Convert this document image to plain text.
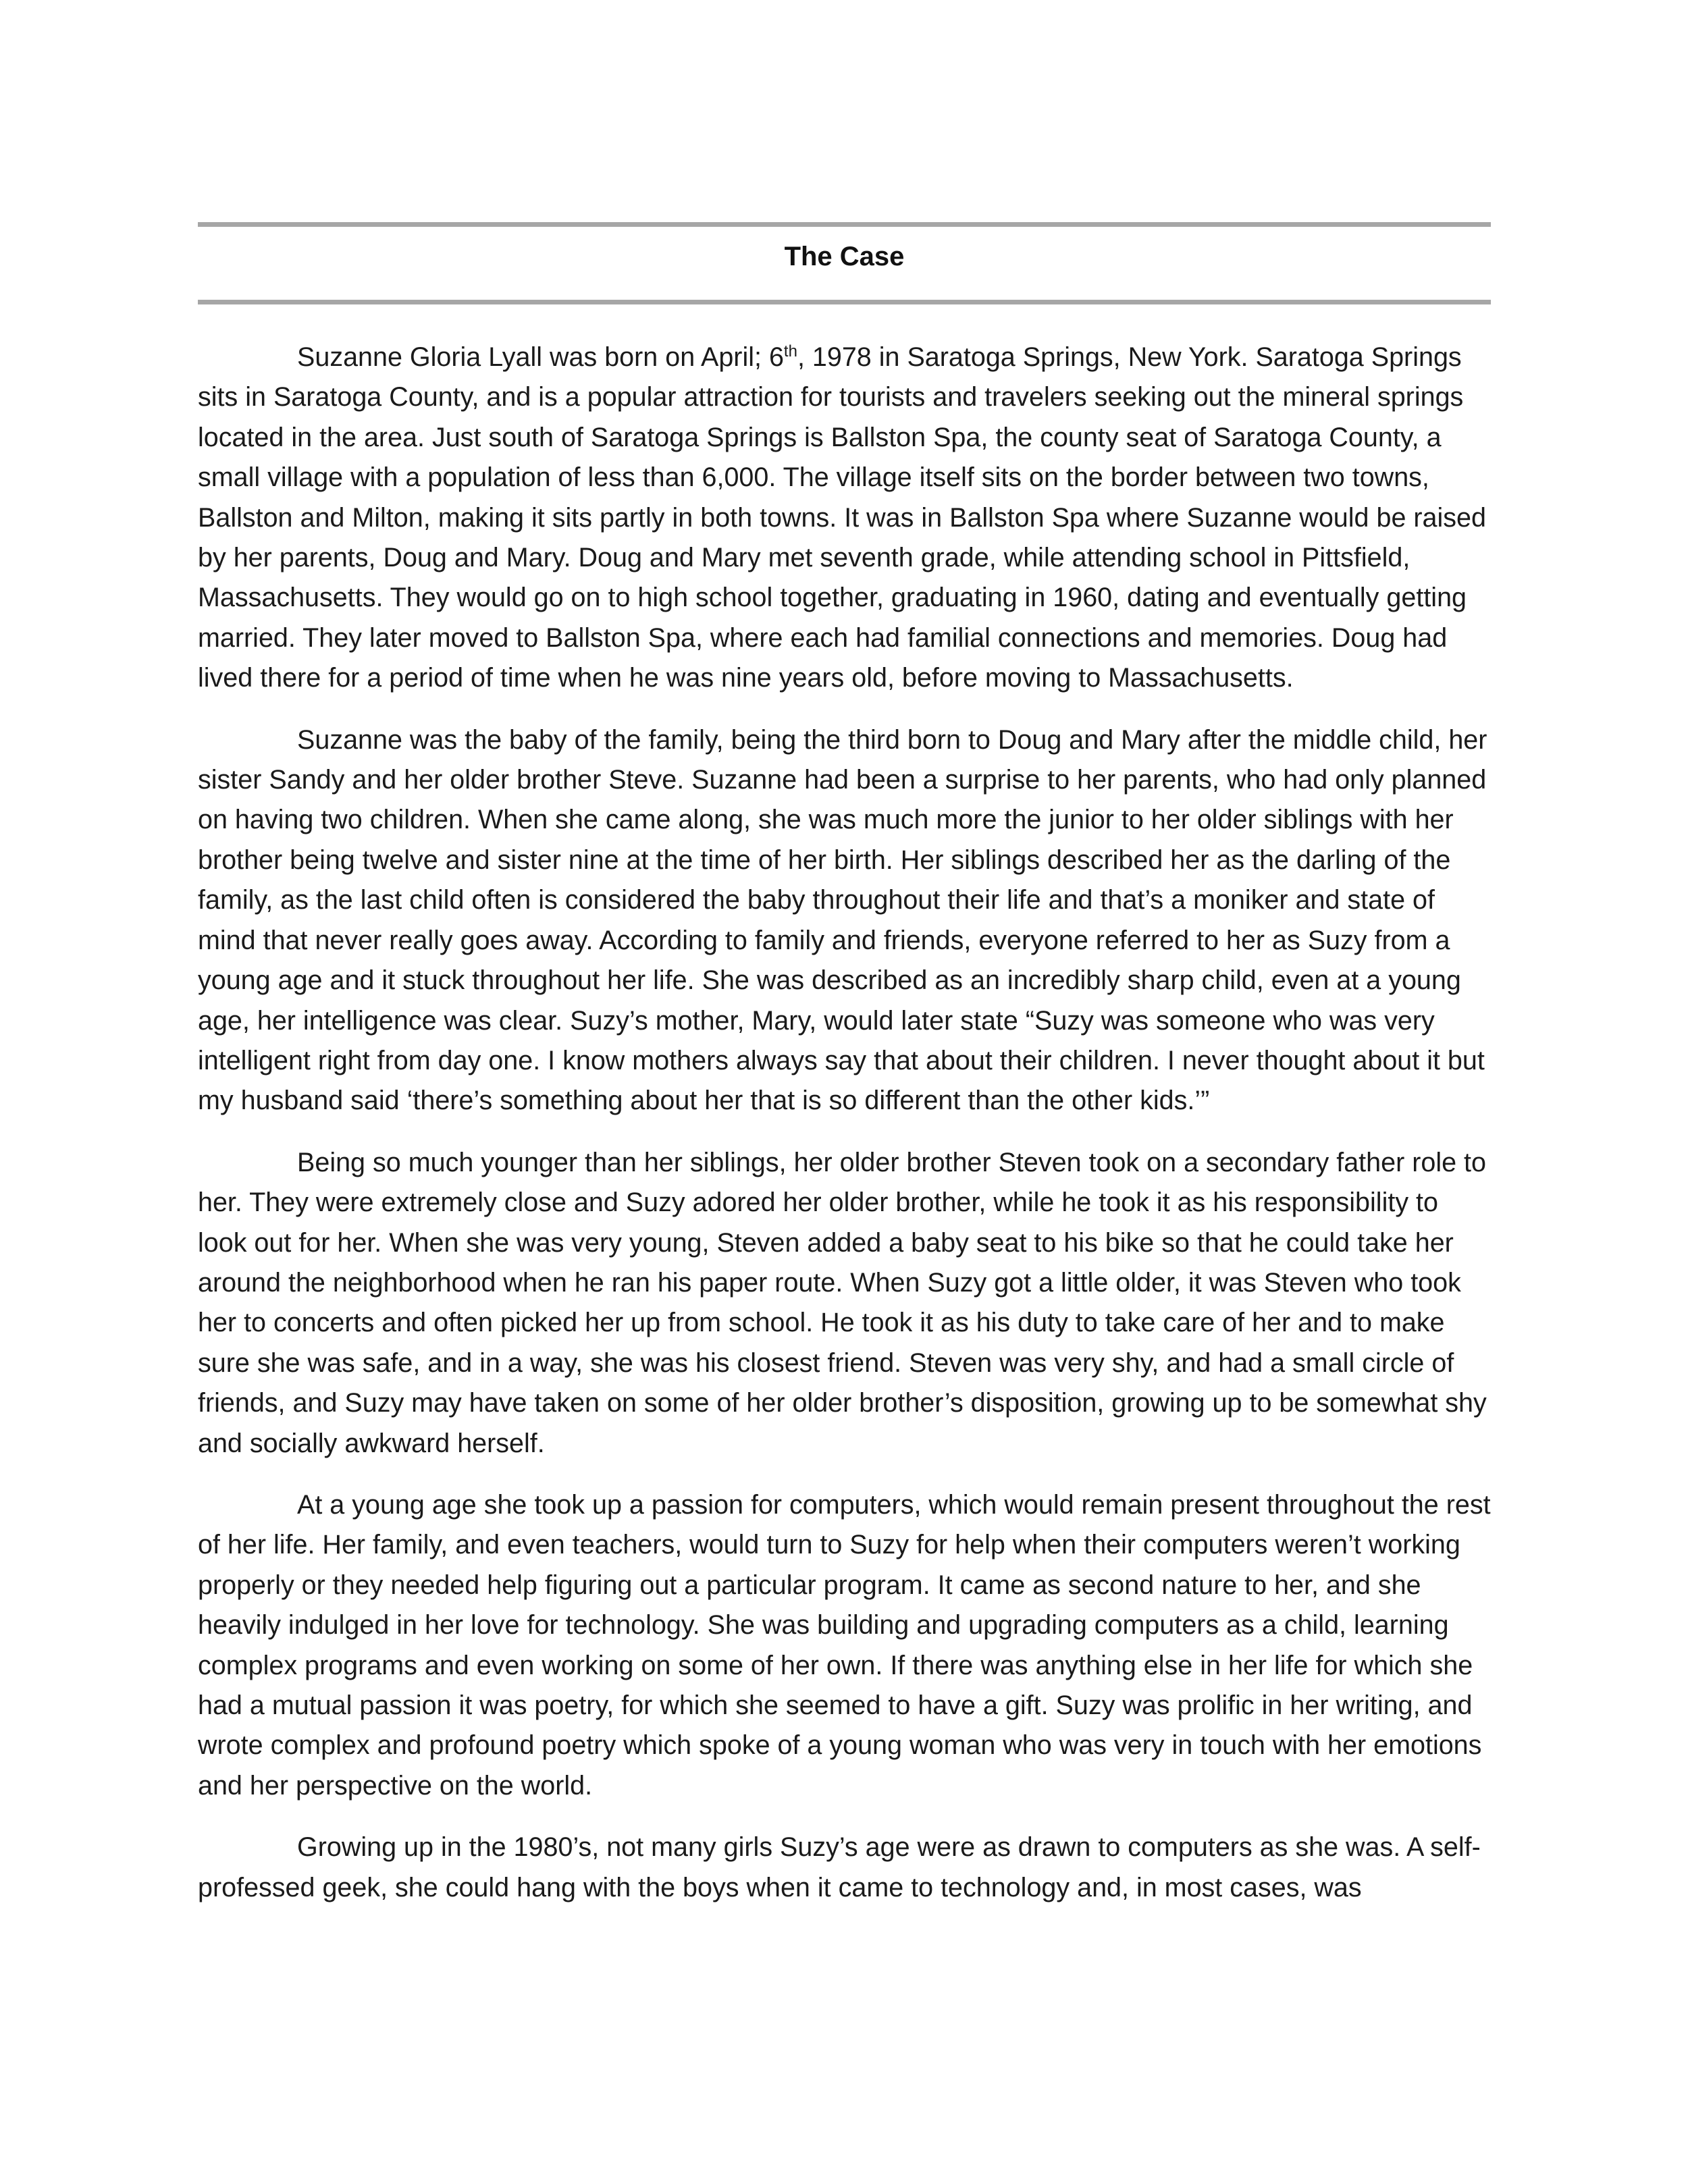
The Case

Suzanne Gloria Lyall was born on April; 6th, 1978 in Saratoga Springs, New York. Saratoga Springs sits in Saratoga County, and is a popular attraction for tourists and travelers seeking out the mineral springs located in the area. Just south of Saratoga Springs is Ballston Spa, the county seat of Saratoga County, a small village with a population of less than 6,000. The village itself sits on the border between two towns, Ballston and Milton, making it sits partly in both towns. It was in Ballston Spa where Suzanne would be raised by her parents, Doug and Mary. Doug and Mary met seventh grade, while attending school in Pittsfield, Massachusetts. They would go on to high school together, graduating in 1960, dating and eventually getting married. They later moved to Ballston Spa, where each had familial connections and memories. Doug had lived there for a period of time when he was nine years old, before moving to Massachusetts.

Suzanne was the baby of the family, being the third born to Doug and Mary after the middle child, her sister Sandy and her older brother Steve. Suzanne had been a surprise to her parents, who had only planned on having two children. When she came along, she was much more the junior to her older siblings with her brother being twelve and sister nine at the time of her birth. Her siblings described her as the darling of the family, as the last child often is considered the baby throughout their life and that’s a moniker and state of mind that never really goes away. According to family and friends, everyone referred to her as Suzy from a young age and it stuck throughout her life. She was described as an incredibly sharp child, even at a young age, her intelligence was clear. Suzy’s mother, Mary, would later state “Suzy was someone who was very intelligent right from day one. I know mothers always say that about their children. I never thought about it but my husband said ‘there’s something about her that is so different than the other kids.’”

Being so much younger than her siblings, her older brother Steven took on a secondary father role to her. They were extremely close and Suzy adored her older brother, while he took it as his responsibility to look out for her. When she was very young, Steven added a baby seat to his bike so that he could take her around the neighborhood when he ran his paper route. When Suzy got a little older, it was Steven who took her to concerts and often picked her up from school. He took it as his duty to take care of her and to make sure she was safe, and in a way, she was his closest friend. Steven was very shy, and had a small circle of friends, and Suzy may have taken on some of her older brother’s disposition, growing up to be somewhat shy and socially awkward herself.

At a young age she took up a passion for computers, which would remain present throughout the rest of her life. Her family, and even teachers, would turn to Suzy for help when their computers weren’t working properly or they needed help figuring out a particular program. It came as second nature to her, and she heavily indulged in her love for technology. She was building and upgrading computers as a child, learning complex programs and even working on some of her own. If there was anything else in her life for which she had a mutual passion it was poetry, for which she seemed to have a gift. Suzy was prolific in her writing, and wrote complex and profound poetry which spoke of a young woman who was very in touch with her emotions and her perspective on the world.

Growing up in the 1980’s, not many girls Suzy’s age were as drawn to computers as she was. A self-professed geek, she could hang with the boys when it came to technology and, in most cases, was
